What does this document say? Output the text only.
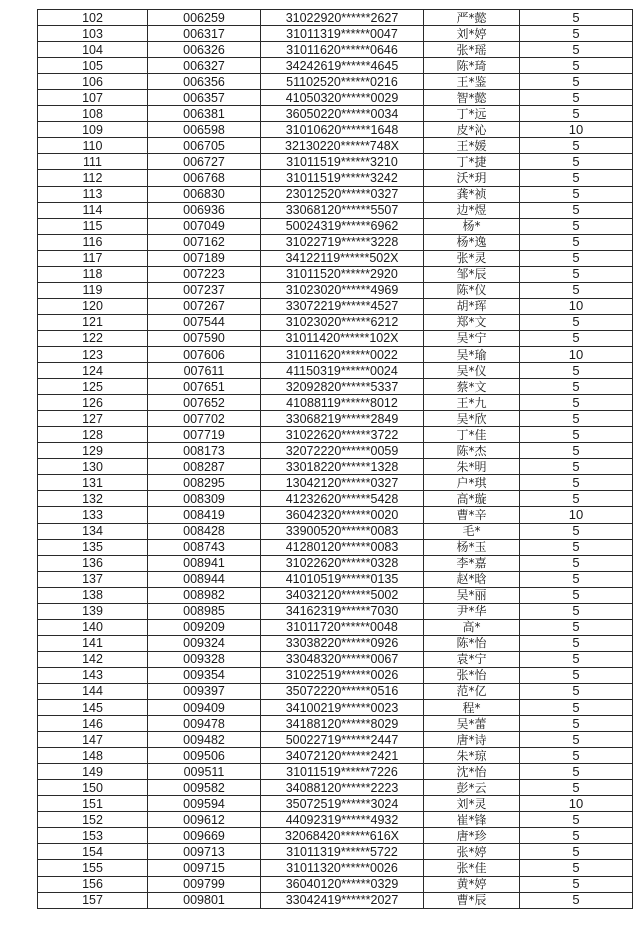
102	006259	31022920******2627	严*懿	5
103	006317	31011319******0047	刘*婷	5
104	006326	31011620******0646	张*瑶	5
105	006327	34242619******4645	陈*琦	5
106	006356	51102520******0216	王*鉴	5
107	006357	41050320******0029	智*懿	5
108	006381	36050220******0034	丁*远	5
109	006598	31010620******1648	皮*沁	10
110	006705	32130220******748X	王*媛	5
111	006727	31011519******3210	丁*捷	5
112	006768	31011519******3242	沃*玥	5
113	006830	23012520******0327	龚*祯	5
114	006936	33068120******5507	边*煜	5
115	007049	50024319******6962	杨*	5
116	007162	31022719******3228	杨*逸	5
117	007189	34122119******502X	张*灵	5
118	007223	31011520******2920	邹*辰	5
119	007237	31023020******4969	陈*仪	5
120	007267	33072219******4527	胡*珲	10
121	007544	31023020******6212	郑*文	5
122	007590	31011420******102X	吴*宁	5
123	007606	31011620******0022	吴*瑜	10
124	007611	41150319******0024	吴*仪	5
125	007651	32092820******5337	蔡*文	5
126	007652	41088119******8012	王*九	5
127	007702	33068219******2849	吴*欣	5
128	007719	31022620******3722	丁*佳	5
129	008173	32072220******0059	陈*杰	5
130	008287	33018220******1328	朱*明	5
131	008295	13042120******0327	户*琪	5
132	008309	41232620******5428	高*璇	5
133	008419	36042320******0020	曹*辛	10
134	008428	33900520******0083	毛*	5
135	008743	41280120******0083	杨*玉	5
136	008941	31022620******0328	李*嘉	5
137	008944	41010519******0135	赵*晗	5
138	008982	34032120******5002	吴*丽	5
139	008985	34162319******7030	尹*华	5
140	009209	31011720******0048	高*	5
141	009324	33038220******0926	陈*怡	5
142	009328	33048320******0067	袁*宁	5
143	009354	31022519******0026	张*怡	5
144	009397	35072220******0516	范*亿	5
145	009409	34100219******0023	程*	5
146	009478	34188120******8029	吴*蕾	5
147	009482	50022719******2447	唐*诗	5
148	009506	34072120******2421	朱*琼	5
149	009511	31011519******7226	沈*怡	5
150	009582	34088120******2223	彭*云	5
151	009594	35072519******3024	刘*灵	10
152	009612	44092319******4932	崔*锋	5
153	009669	32068420******616X	唐*珍	5
154	009713	31011319******5722	张*婷	5
155	009715	31011320******0026	张*佳	5
156	009799	36040120******0329	黄*婷	5
157	009801	33042419******2027	曹*辰	5
